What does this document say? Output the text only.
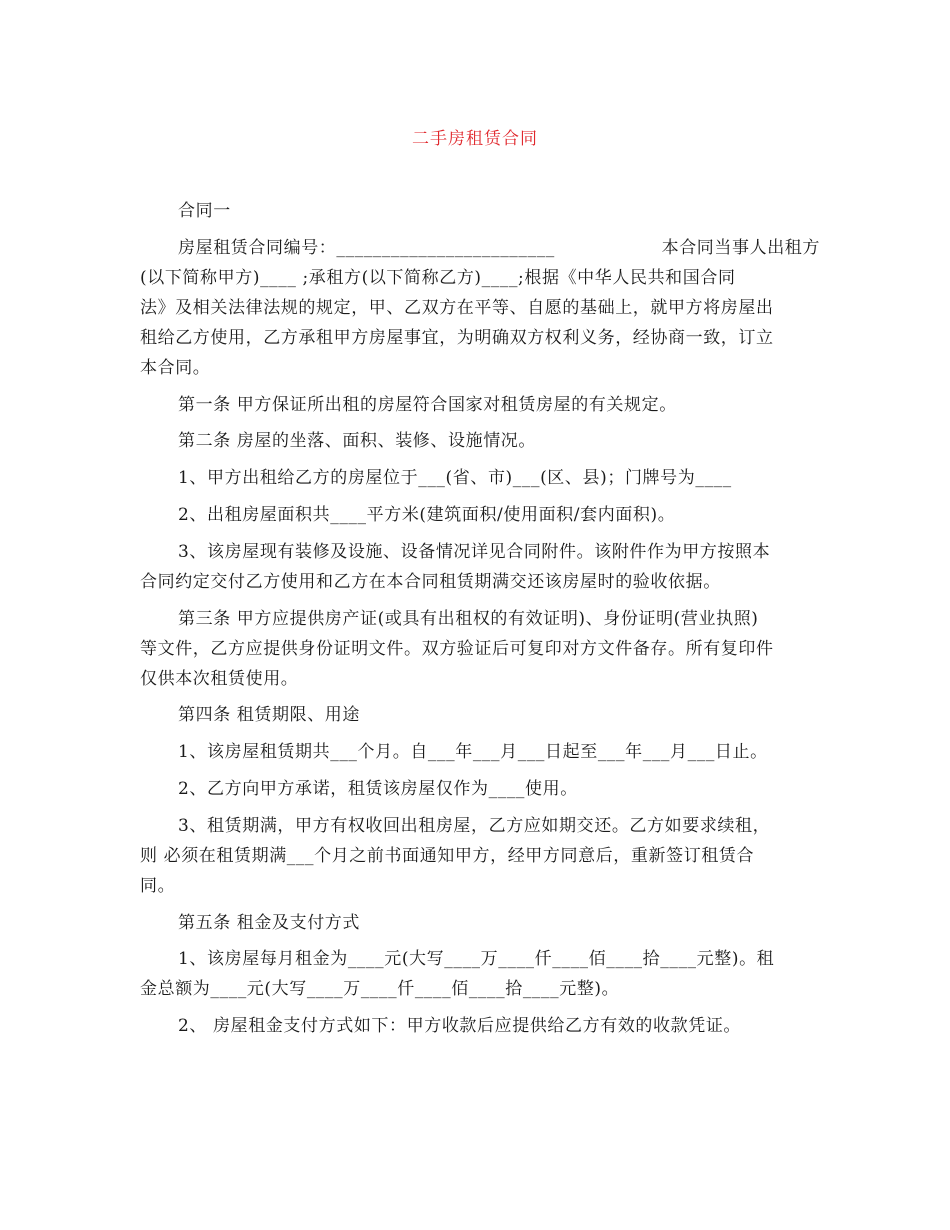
二手房租赁合同
合同一
房屋租赁合同编号：________________________	本合同当事人出租方
(以下简称甲方)____ ;承租方(以下简称乙方)____;根据《中华人民共和国合同
法》及相关法律法规的规定，甲、乙双方在平等、自愿的基础上，就甲方将房屋出
租给乙方使用，乙方承租甲方房屋事宜，为明确双方权利义务，经协商一致，订立
本合同。
第一条 甲方保证所出租的房屋符合国家对租赁房屋的有关规定。
第二条 房屋的坐落、面积、装修、设施情况。
1、甲方出租给乙方的房屋位于___(省、市)___(区、县)；门牌号为____
2、出租房屋面积共____平方米(建筑面积/使用面积/套内面积)。
3、该房屋现有装修及设施、设备情况详见合同附件。该附件作为甲方按照本
合同约定交付乙方使用和乙方在本合同租赁期满交还该房屋时的验收依据。
第三条 甲方应提供房产证(或具有出租权的有效证明)、身份证明(营业执照)
等文件，乙方应提供身份证明文件。双方验证后可复印对方文件备存。所有复印件
仅供本次租赁使用。
第四条 租赁期限、用途
1、该房屋租赁期共___个月。自___年___月___日起至___年___月___日止。
2、乙方向甲方承诺，租赁该房屋仅作为____使用。
3、租赁期满，甲方有权收回出租房屋，乙方应如期交还。乙方如要求续租，
则 必须在租赁期满___个月之前书面通知甲方，经甲方同意后，重新签订租赁合
同。
第五条 租金及支付方式
1、该房屋每月租金为____元(大写____万____仟____佰____拾____元整)。租
金总额为____元(大写____万____仟____佰____拾____元整)。
2、 房屋租金支付方式如下：甲方收款后应提供给乙方有效的收款凭证。
